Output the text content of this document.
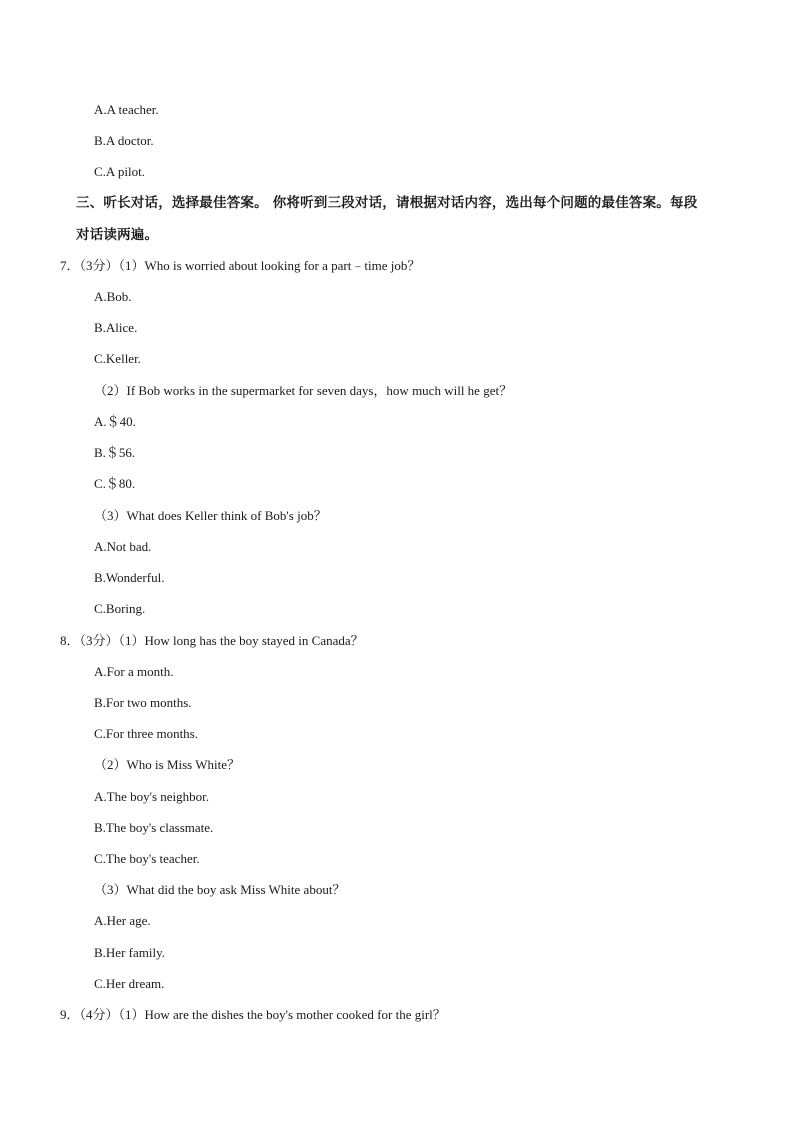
A.A teacher.
B.A doctor.
C.A pilot.
三、听长对话，选择最佳答案。 你将听到三段对话，请根据对话内容，选出每个问题的最佳答案。每段
对话读两遍。
7．（3分）（1）Who is worried about looking for a part﹣time job？
A.Bob.
B.Alice.
C.Keller.
（2）If Bob works in the supermarket for seven days，how much will he get？
A.＄40.
B.＄56.
C.＄80.
（3）What does Keller think of Bob's job？
A.Not bad.
B.Wonderful.
C.Boring.
8．（3分）（1）How long has the boy stayed in Canada？
A.For a month.
B.For two months.
C.For three months.
（2）Who is Miss White？
A.The boy's neighbor.
B.The boy's classmate.
C.The boy's teacher.
（3）What did the boy ask Miss White about？
A.Her age.
B.Her family.
C.Her dream.
9．（4分）（1）How are the dishes the boy's mother cooked for the girl？
